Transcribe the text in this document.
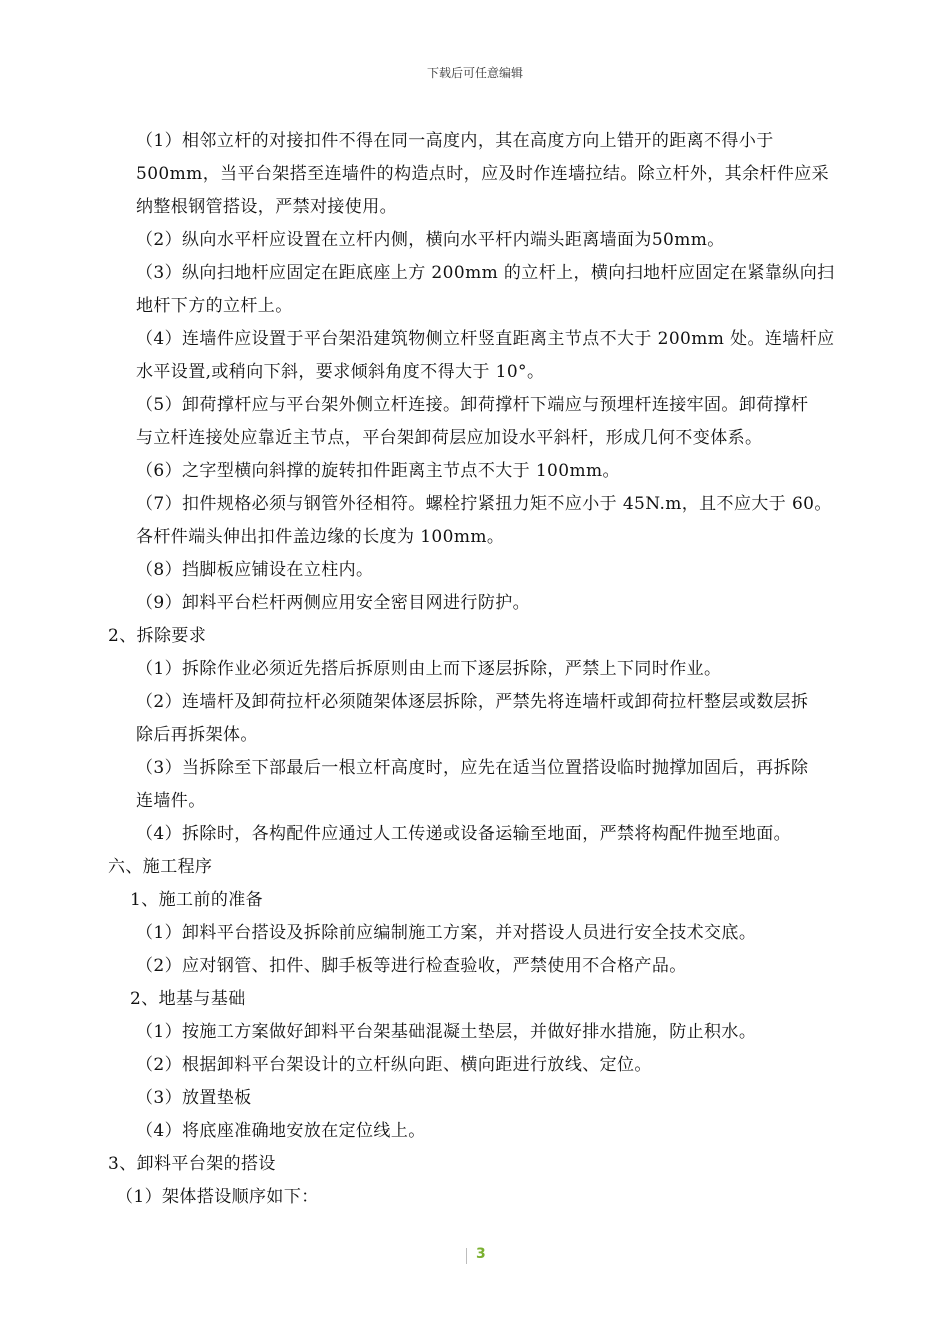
下载后可任意编辑
（1）相邻立杆的对接扣件不得在同一高度内，其在高度方向上错开的距离不得小于
500mm，当平台架搭至连墙件的构造点时，应及时作连墙拉结。除立杆外，其余杆件应采
纳整根钢管搭设，严禁对接使用。
（2）纵向水平杆应设置在立杆内侧，横向水平杆内端头距离墙面为50mm。
（3）纵向扫地杆应固定在距底座上方 200mm 的立杆上，横向扫地杆应固定在紧靠纵向扫
地杆下方的立杆上。
（4）连墙件应设置于平台架沿建筑物侧立杆竖直距离主节点不大于 200mm 处。连墙杆应
水平设置,或稍向下斜，要求倾斜角度不得大于 10°。
（5）卸荷撑杆应与平台架外侧立杆连接。卸荷撑杆下端应与预埋杆连接牢固。卸荷撑杆
与立杆连接处应靠近主节点，平台架卸荷层应加设水平斜杆，形成几何不变体系。
（6）之字型横向斜撑的旋转扣件距离主节点不大于 100mm。
（7）扣件规格必须与钢管外径相符。螺栓拧紧扭力矩不应小于 45N.m，且不应大于 60。
各杆件端头伸出扣件盖边缘的长度为 100mm。
（8）挡脚板应铺设在立柱内。
（9）卸料平台栏杆两侧应用安全密目网进行防护。
2、拆除要求
（1）拆除作业必须近先搭后拆原则由上而下逐层拆除，严禁上下同时作业。
（2）连墙杆及卸荷拉杆必须随架体逐层拆除，严禁先将连墙杆或卸荷拉杆整层或数层拆
除后再拆架体。
（3）当拆除至下部最后一根立杆高度时，应先在适当位置搭设临时抛撑加固后，再拆除
连墙件。
（4）拆除时，各构配件应通过人工传递或设备运输至地面，严禁将构配件抛至地面。
六、施工程序
1、施工前的准备
（1）卸料平台搭设及拆除前应编制施工方案，并对搭设人员进行安全技术交底。
（2）应对钢管、扣件、脚手板等进行检查验收，严禁使用不合格产品。
2、地基与基础
（1）按施工方案做好卸料平台架基础混凝土垫层，并做好排水措施，防止积水。
（2）根据卸料平台架设计的立杆纵向距、横向距进行放线、定位。
（3）放置垫板
（4）将底座准确地安放在定位线上。
3、卸料平台架的搭设
（1）架体搭设顺序如下：
3
